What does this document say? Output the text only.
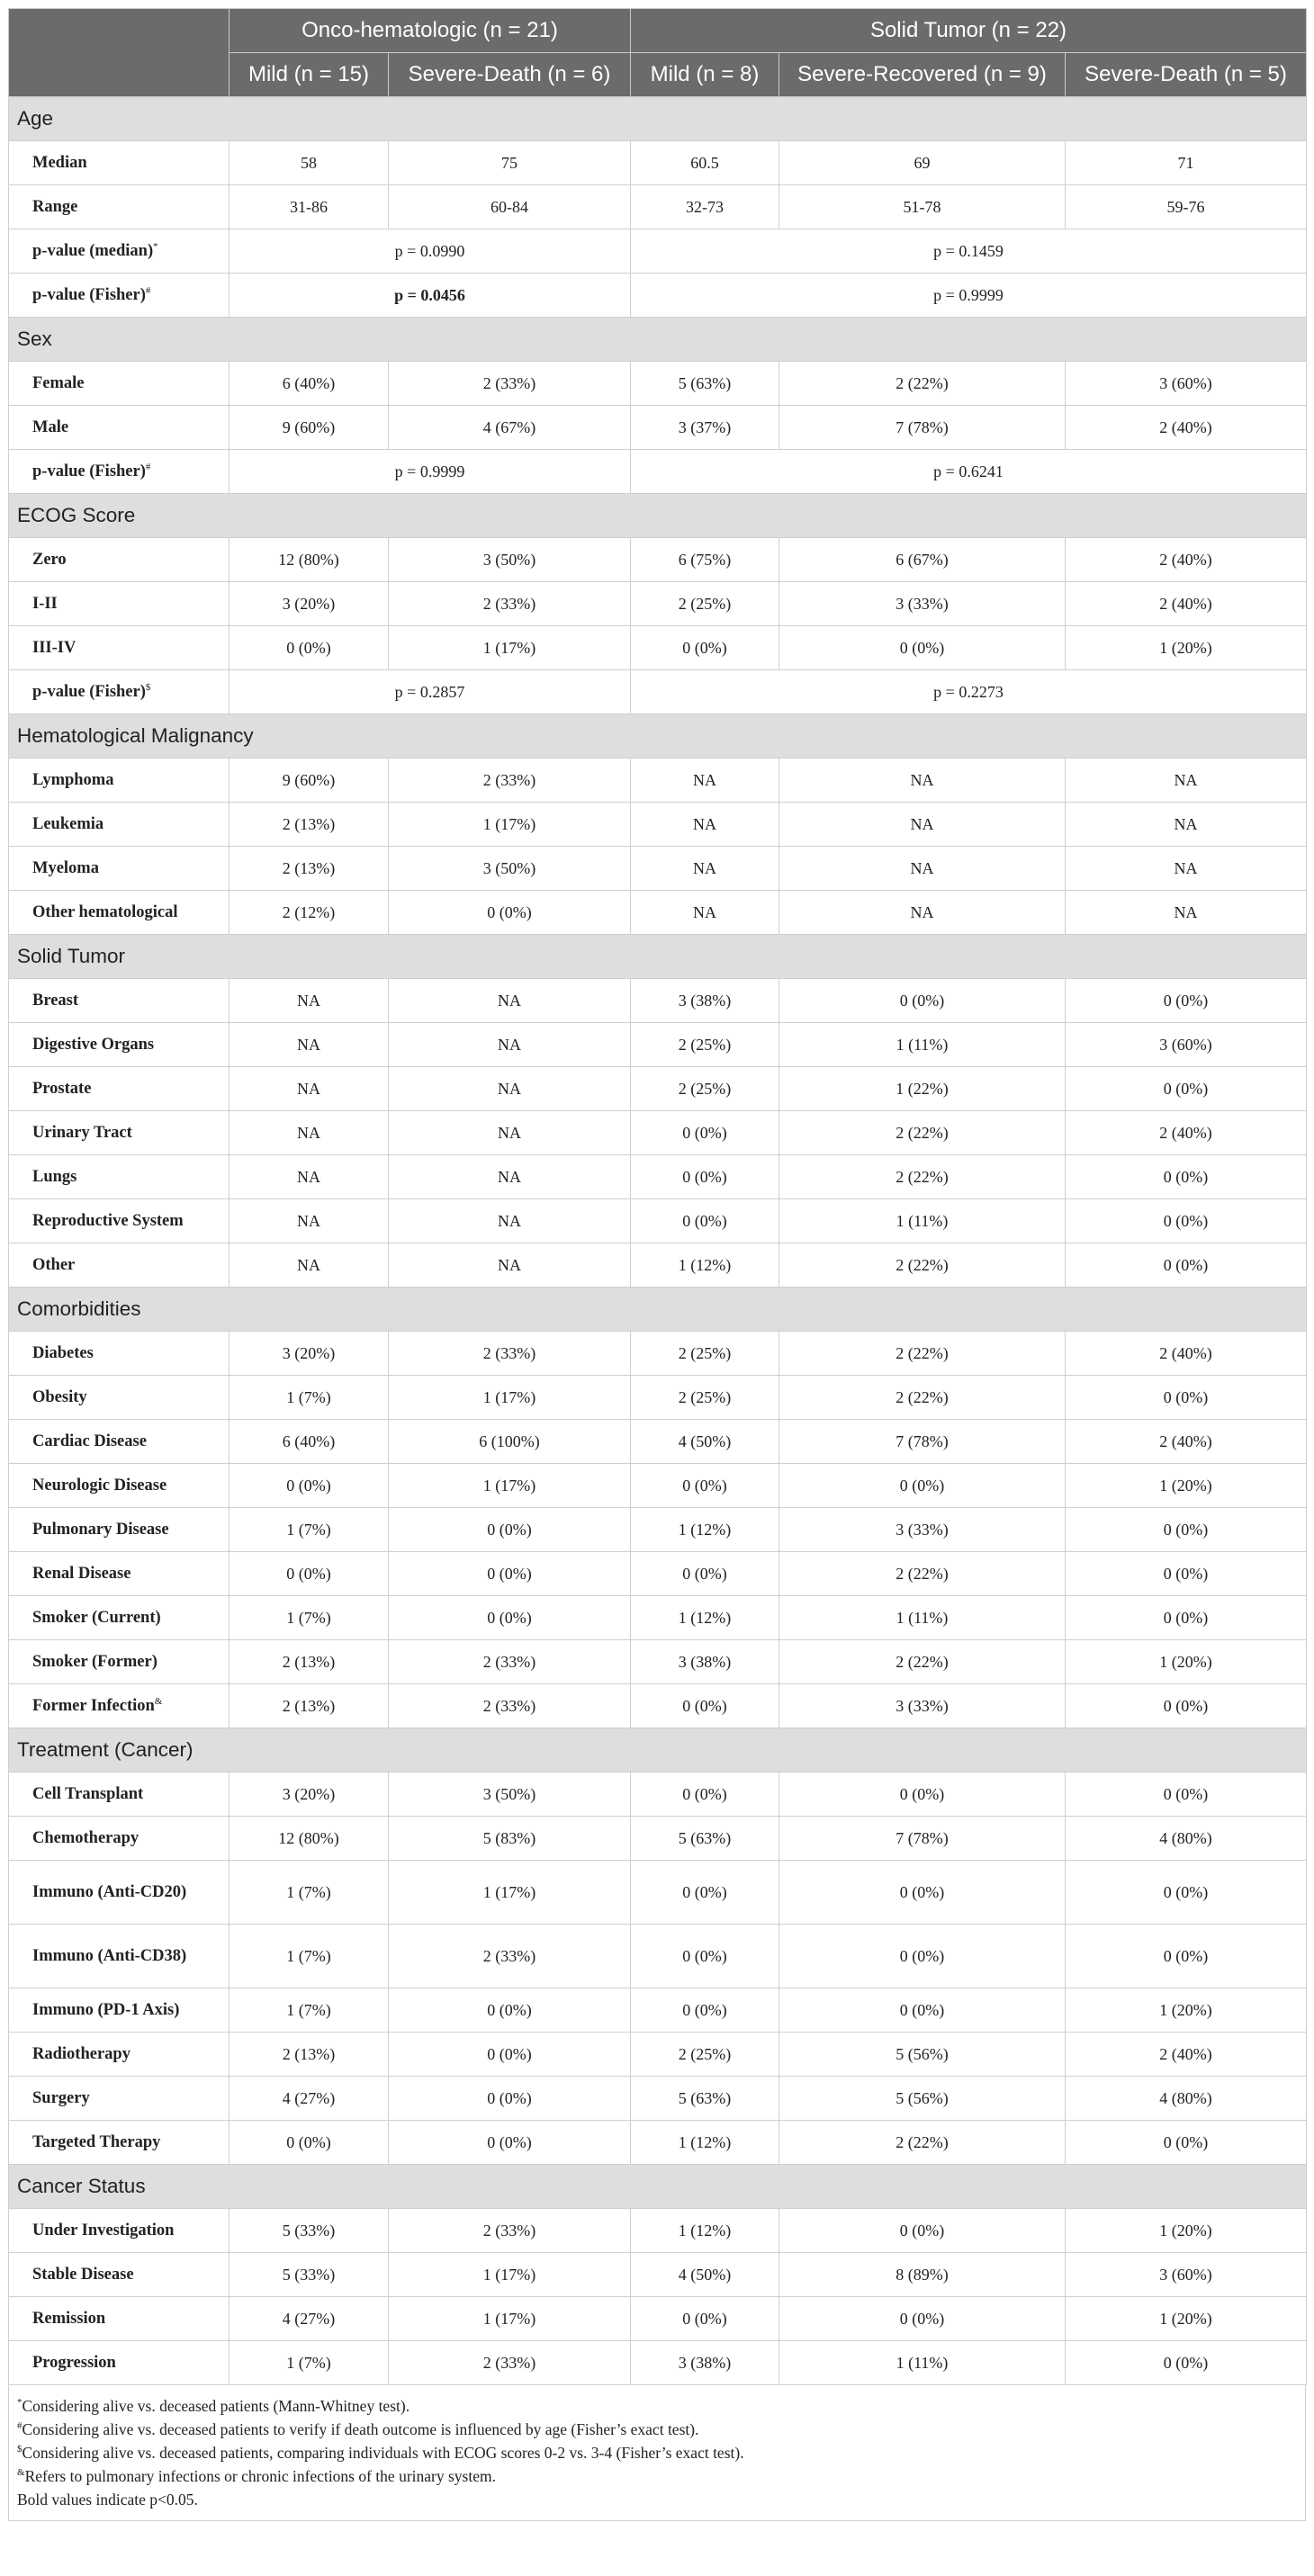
	Onco-hematologic (n = 21)		Solid Tumor (n = 22)		
	Mild (n = 15)	Severe-Death (n = 6)	Mild (n = 8)	Severe-Recovered (n = 9)	Severe-Death (n = 5)
Age					
Median	58	75	60.5	69	71
Range	31-86	60-84	32-73	51-78	59-76
p-value (median)*	p = 0.0990		p = 0.1459		
p-value (Fisher)#	p = 0.0456		p = 0.9999		
Sex					
Female	6 (40%)	2 (33%)	5 (63%)	2 (22%)	3 (60%)
Male	9 (60%)	4 (67%)	3 (37%)	7 (78%)	2 (40%)
p-value (Fisher)#	p = 0.9999		p = 0.6241		
ECOG Score					
Zero	12 (80%)	3 (50%)	6 (75%)	6 (67%)	2 (40%)
I-II	3 (20%)	2 (33%)	2 (25%)	3 (33%)	2 (40%)
III-IV	0 (0%)	1 (17%)	0 (0%)	0 (0%)	1 (20%)
p-value (Fisher)$	p = 0.2857		p = 0.2273		
Hematological Malignancy					
Lymphoma	9 (60%)	2 (33%)	NA	NA	NA
Leukemia	2 (13%)	1 (17%)	NA	NA	NA
Myeloma	2 (13%)	3 (50%)	NA	NA	NA
Other hematological	2 (12%)	0 (0%)	NA	NA	NA
Solid Tumor					
Breast	NA	NA	3 (38%)	0 (0%)	0 (0%)
Digestive Organs	NA	NA	2 (25%)	1 (11%)	3 (60%)
Prostate	NA	NA	2 (25%)	1 (22%)	0 (0%)
Urinary Tract	NA	NA	0 (0%)	2 (22%)	2 (40%)
Lungs	NA	NA	0 (0%)	2 (22%)	0 (0%)
Reproductive System	NA	NA	0 (0%)	1 (11%)	0 (0%)
Other	NA	NA	1 (12%)	2 (22%)	0 (0%)
Comorbidities					
Diabetes	3 (20%)	2 (33%)	2 (25%)	2 (22%)	2 (40%)
Obesity	1 (7%)	1 (17%)	2 (25%)	2 (22%)	0 (0%)
Cardiac Disease	6 (40%)	6 (100%)	4 (50%)	7 (78%)	2 (40%)
Neurologic Disease	0 (0%)	1 (17%)	0 (0%)	0 (0%)	1 (20%)
Pulmonary Disease	1 (7%)	0 (0%)	1 (12%)	3 (33%)	0 (0%)
Renal Disease	0 (0%)	0 (0%)	0 (0%)	2 (22%)	0 (0%)
Smoker (Current)	1 (7%)	0 (0%)	1 (12%)	1 (11%)	0 (0%)
Smoker (Former)	2 (13%)	2 (33%)	3 (38%)	2 (22%)	1 (20%)
Former Infection&	2 (13%)	2 (33%)	0 (0%)	3 (33%)	0 (0%)
Treatment (Cancer)					
Cell Transplant	3 (20%)	3 (50%)	0 (0%)	0 (0%)	0 (0%)
Chemotherapy	12 (80%)	5 (83%)	5 (63%)	7 (78%)	4 (80%)
Immuno (Anti-CD20)	1 (7%)	1 (17%)	0 (0%)	0 (0%)	0 (0%)
Immuno (Anti-CD38)	1 (7%)	2 (33%)	0 (0%)	0 (0%)	0 (0%)
Immuno (PD-1 Axis)	1 (7%)	0 (0%)	0 (0%)	0 (0%)	1 (20%)
Radiotherapy	2 (13%)	0 (0%)	2 (25%)	5 (56%)	2 (40%)
Surgery	4 (27%)	0 (0%)	5 (63%)	5 (56%)	4 (80%)
Targeted Therapy	0 (0%)	0 (0%)	1 (12%)	2 (22%)	0 (0%)
Cancer Status					
Under Investigation	5 (33%)	2 (33%)	1 (12%)	0 (0%)	1 (20%)
Stable Disease	5 (33%)	1 (17%)	4 (50%)	8 (89%)	3 (60%)
Remission	4 (27%)	1 (17%)	0 (0%)	0 (0%)	1 (20%)
Progression	1 (7%)	2 (33%)	3 (38%)	1 (11%)	0 (0%)
*Considering alive vs. deceased patients (Mann-Whitney test).
#Considering alive vs. deceased patients to verify if death outcome is influenced by age (Fisher’s exact test).
$Considering alive vs. deceased patients, comparing individuals with ECOG scores 0-2 vs. 3-4 (Fisher’s exact test).
&Refers to pulmonary infections or chronic infections of the urinary system.
Bold values indicate p<0.05.
